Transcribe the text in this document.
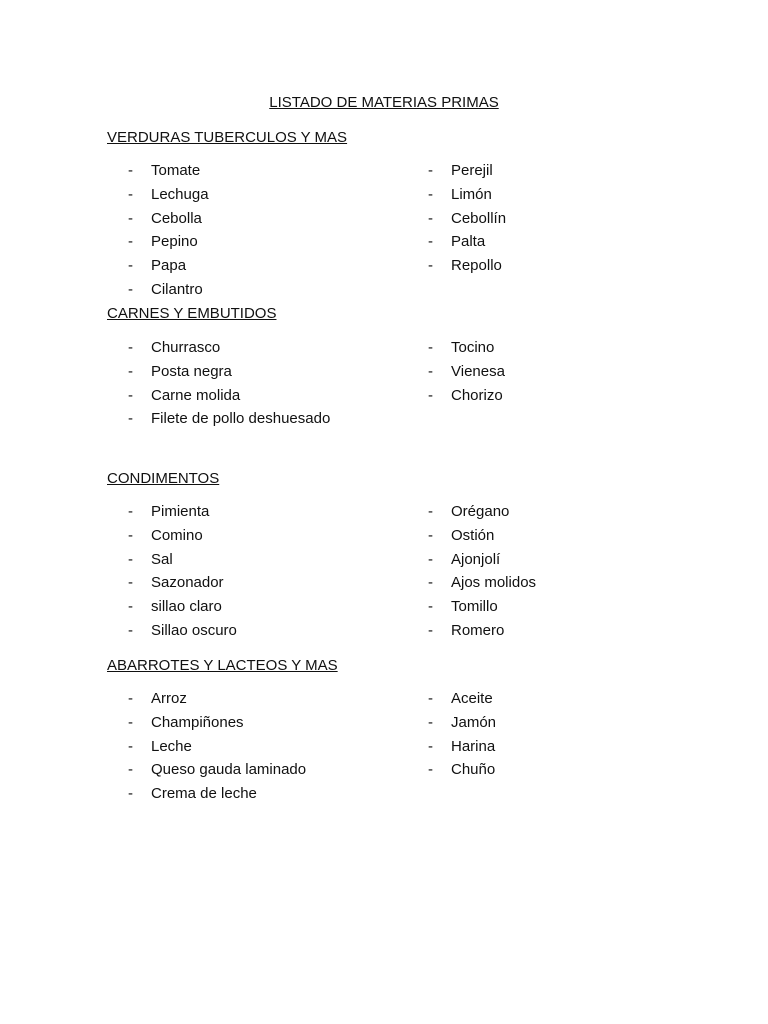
LISTADO DE MATERIAS PRIMAS
VERDURAS TUBERCULOS Y MAS
- Tomate
- Lechuga
- Cebolla
- Pepino
- Papa
- Cilantro
- Perejil
- Limón
- Cebollín
- Palta
- Repollo
CARNES Y EMBUTIDOS
- Churrasco
- Posta negra
- Carne molida
- Filete de pollo deshuesado
- Tocino
- Vienesa
- Chorizo
CONDIMENTOS
- Pimienta
- Comino
- Sal
- Sazonador
- sillao claro
- Sillao oscuro
- Orégano
- Ostión
- Ajonjolí
- Ajos molidos
- Tomillo
- Romero
ABARROTES Y LACTEOS Y MAS
- Arroz
- Champiñones
- Leche
- Queso gauda laminado
- Crema de leche
- Aceite
- Jamón
- Harina
- Chuño
